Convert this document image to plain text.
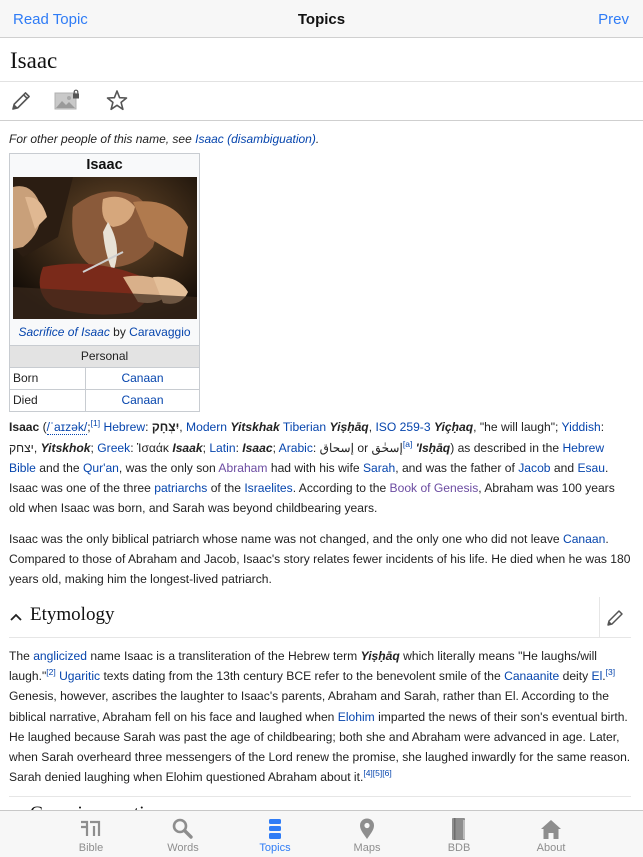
Read Topic	Topics	Prev
Isaac
For other people of this name, see Isaac (disambiguation).
Isaac
Sacrifice of Isaac by Caravaggio
Personal
Born	Canaan
Died	Canaan
Isaac (/ˈaɪzək/;[1] Hebrew: יִצְחָק, Modern Yitskhak Tiberian Yiṣḥāq, ISO 259-3 Yiçḥaq, "he will laugh"; Yiddish: יצחק, Yitskhok; Greek: Ἰσαάκ Isaak; Latin: Isaac; Arabic: إسحاق or إسحٰق[a] 'Isḥāq) as described in the Hebrew Bible and the Qur'an, was the only son Abraham had with his wife Sarah, and was the father of Jacob and Esau. Isaac was one of the three patriarchs of the Israelites. According to the Book of Genesis, Abraham was 100 years old when Isaac was born, and Sarah was beyond childbearing years.
Isaac was the only biblical patriarch whose name was not changed, and the only one who did not leave Canaan. Compared to those of Abraham and Jacob, Isaac's story relates fewer incidents of his life. He died when he was 180 years old, making him the longest-lived patriarch.
Etymology
The anglicized name Isaac is a transliteration of the Hebrew term Yiṣḥāq which literally means "He laughs/will laugh."[2] Ugaritic texts dating from the 13th century BCE refer to the benevolent smile of the Canaanite deity El.[3] Genesis, however, ascribes the laughter to Isaac's parents, Abraham and Sarah, rather than El. According to the biblical narrative, Abraham fell on his face and laughed when Elohim imparted the news of their son's eventual birth. He laughed because Sarah was past the age of childbearing; both she and Abraham were advanced in age. Later, when Sarah overheard three messengers of the Lord renew the promise, she laughed inwardly for the same reason. Sarah denied laughing when Elohim questioned Abraham about it.[4][5][6]
Bible	Words	Topics	Maps	BDB	About
